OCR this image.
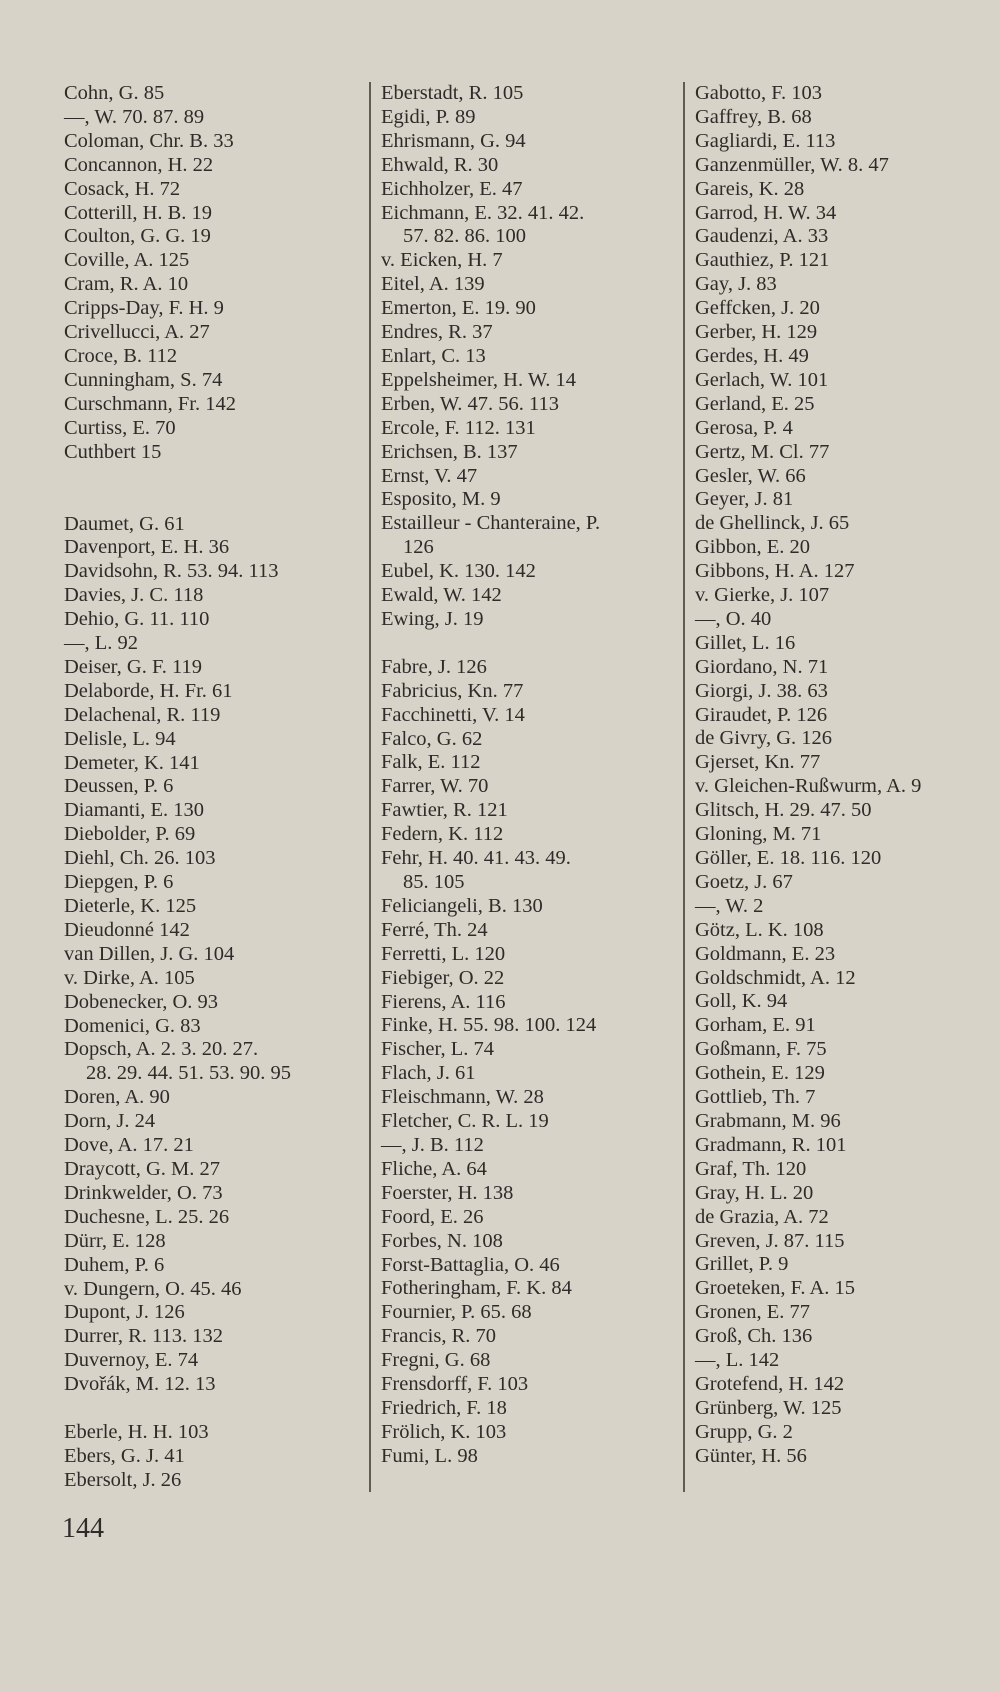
Cohn, G. 85
—, W. 70. 87. 89
Coloman, Chr. B. 33
Concannon, H. 22
Cosack, H. 72
Cotterill, H. B. 19
Coulton, G. G. 19
Coville, A. 125
Cram, R. A. 10
Cripps-Day, F. H. 9
Crivellucci, A. 27
Croce, B. 112
Cunningham, S. 74
Curschmann, Fr. 142
Curtiss, E. 70
Cuthbert 15
Daumet, G. 61
Davenport, E. H. 36
Davidsohn, R. 53. 94. 113
Davies, J. C. 118
Dehio, G. 11. 110
—, L. 92
Deiser, G. F. 119
Delaborde, H. Fr. 61
Delachenal, R. 119
Delisle, L. 94
Demeter, K. 141
Deussen, P. 6
Diamanti, E. 130
Diebolder, P. 69
Diehl, Ch. 26. 103
Diepgen, P. 6
Dieterle, K. 125
Dieudonné 142
van Dillen, J. G. 104
v. Dirke, A. 105
Dobenecker, O. 93
Domenici, G. 83
Dopsch, A. 2. 3. 20. 27.
28. 29. 44. 51. 53. 90. 95
Doren, A. 90
Dorn, J. 24
Dove, A. 17. 21
Draycott, G. M. 27
Drinkwelder, O. 73
Duchesne, L. 25. 26
Dürr, E. 128
Duhem, P. 6
v. Dungern, O. 45. 46
Dupont, J. 126
Durrer, R. 113. 132
Duvernoy, E. 74
Dvořák, M. 12. 13
Eberle, H. H. 103
Ebers, G. J. 41
Ebersolt, J. 26
Eberstadt, R. 105
Egidi, P. 89
Ehrismann, G. 94
Ehwald, R. 30
Eichholzer, E. 47
Eichmann, E. 32. 41. 42.
57. 82. 86. 100
v. Eicken, H. 7
Eitel, A. 139
Emerton, E. 19. 90
Endres, R. 37
Enlart, C. 13
Eppelsheimer, H. W. 14
Erben, W. 47. 56. 113
Ercole, F. 112. 131
Erichsen, B. 137
Ernst, V. 47
Esposito, M. 9
Estailleur - Chanteraine, P.
126
Eubel, K. 130. 142
Ewald, W. 142
Ewing, J. 19
Fabre, J. 126
Fabricius, Kn. 77
Facchinetti, V. 14
Falco, G. 62
Falk, E. 112
Farrer, W. 70
Fawtier, R. 121
Federn, K. 112
Fehr, H. 40. 41. 43. 49.
85. 105
Feliciangeli, B. 130
Ferré, Th. 24
Ferretti, L. 120
Fiebiger, O. 22
Fierens, A. 116
Finke, H. 55. 98. 100. 124
Fischer, L. 74
Flach, J. 61
Fleischmann, W. 28
Fletcher, C. R. L. 19
—, J. B. 112
Fliche, A. 64
Foerster, H. 138
Foord, E. 26
Forbes, N. 108
Forst-Battaglia, O. 46
Fotheringham, F. K. 84
Fournier, P. 65. 68
Francis, R. 70
Fregni, G. 68
Frensdorff, F. 103
Friedrich, F. 18
Frölich, K. 103
Fumi, L. 98
Gabotto, F. 103
Gaffrey, B. 68
Gagliardi, E. 113
Ganzenmüller, W. 8. 47
Gareis, K. 28
Garrod, H. W. 34
Gaudenzi, A. 33
Gauthiez, P. 121
Gay, J. 83
Geffcken, J. 20
Gerber, H. 129
Gerdes, H. 49
Gerlach, W. 101
Gerland, E. 25
Gerosa, P. 4
Gertz, M. Cl. 77
Gesler, W. 66
Geyer, J. 81
de Ghellinck, J. 65
Gibbon, E. 20
Gibbons, H. A. 127
v. Gierke, J. 107
—, O. 40
Gillet, L. 16
Giordano, N. 71
Giorgi, J. 38. 63
Giraudet, P. 126
de Givry, G. 126
Gjerset, Kn. 77
v. Gleichen-Rußwurm, A. 9
Glitsch, H. 29. 47. 50
Gloning, M. 71
Göller, E. 18. 116. 120
Goetz, J. 67
—, W. 2
Götz, L. K. 108
Goldmann, E. 23
Goldschmidt, A. 12
Goll, K. 94
Gorham, E. 91
Goßmann, F. 75
Gothein, E. 129
Gottlieb, Th. 7
Grabmann, M. 96
Gradmann, R. 101
Graf, Th. 120
Gray, H. L. 20
de Grazia, A. 72
Greven, J. 87. 115
Grillet, P. 9
Groeteken, F. A. 15
Gronen, E. 77
Groß, Ch. 136
—, L. 142
Grotefend, H. 142
Grünberg, W. 125
Grupp, G. 2
Günter, H. 56
144
